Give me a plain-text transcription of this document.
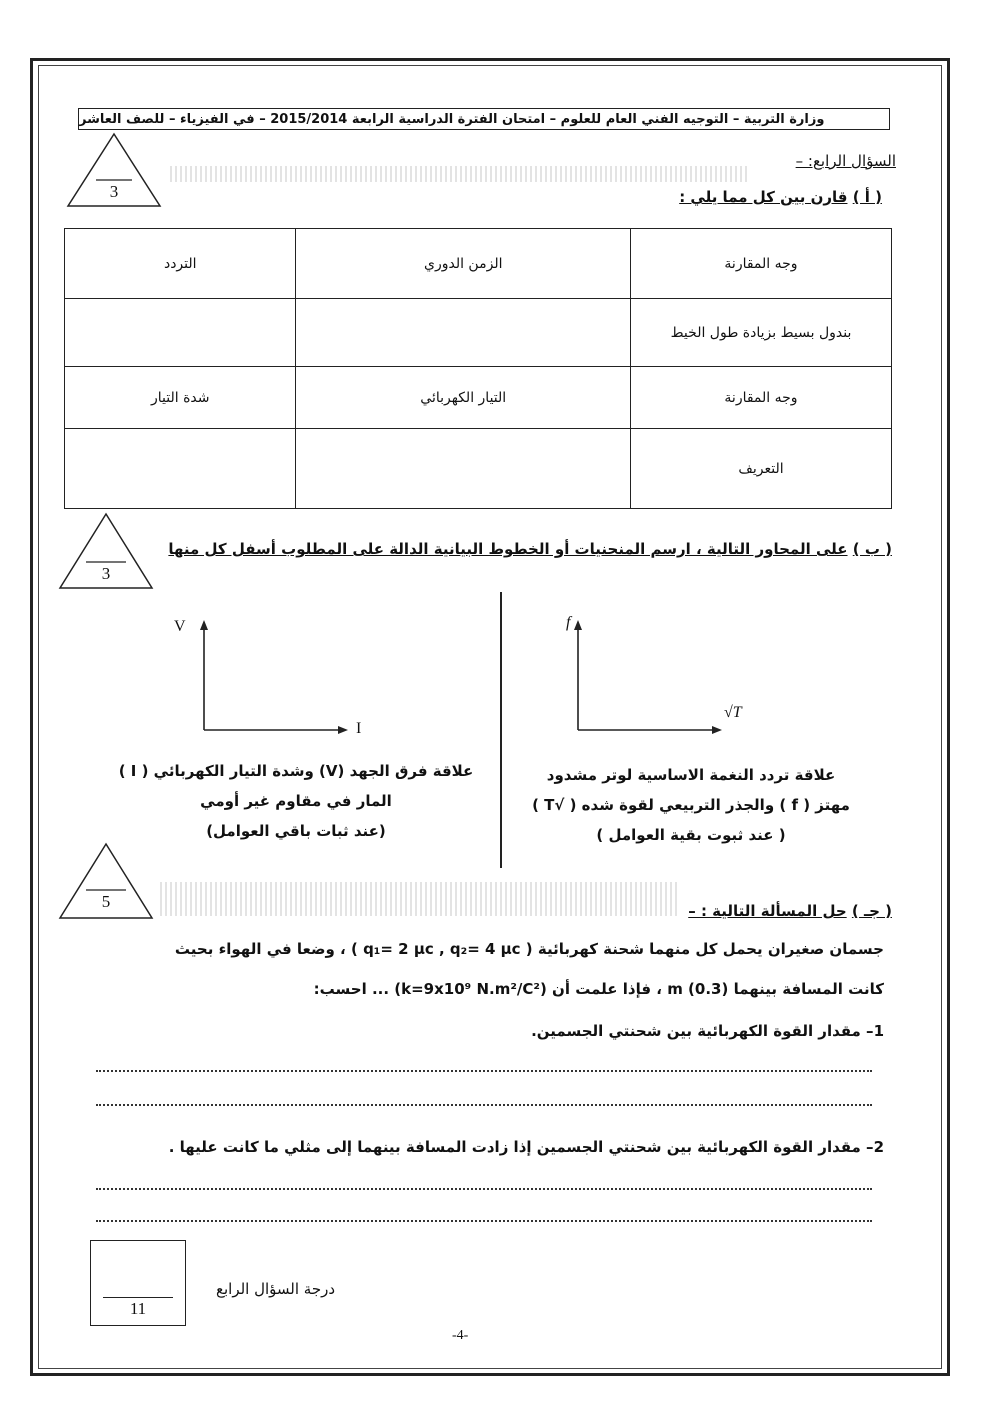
وزارة التربية – التوجيه الفني العام للعلوم – امتحان الفترة الدراسية الرابعة 2015/2014 – في الفيزياء – للصف العاشر
3
السؤال الرابع: –
( أ ) قارن بين كل مما يلي :
وجه المقارنة	الزمن الدوري	التردد
بندول بسيط بزيادة طول الخيط		
وجه المقارنة	التيار الكهربائي	شدة التيار
التعريف		
3
( ب ) على المحاور التالية ، ارسم المنحنيات أو الخطوط البيانية الدالة على المطلوب أسفل كل منها
f
√T
علاقة تردد النغمة الاساسية لوتر مشدود
مهتز ( f ) والجذر التربيعي لقوة شده ( √T )
( عند ثبوت بقية العوامل )
V
I
علاقة فرق الجهد (V) وشدة التيار الكهربائي ( I )
المار في مقاوم غير أومي
(عند ثبات باقي العوامل)
5	( جـ ) حل المسألة التالية : –
جسمان صغيران يحمل كل منهما شحنة كهربائية ( q₁= 2 µc , q₂= 4 µc ) ، وضعا في الهواء بحيث
كانت المسافة بينهما m (0.3) ، فإذا علمت أن (k=9x10⁹ N.m²/C²) ... احسب:
1– مقدار القوة الكهربائية بين شحنتي الجسمين.
2– مقدار القوة الكهربائية بين شحنتي الجسمين إذا زادت المسافة بينهما إلى مثلي ما كانت عليها .
11
درجة السؤال الرابع
-4-
